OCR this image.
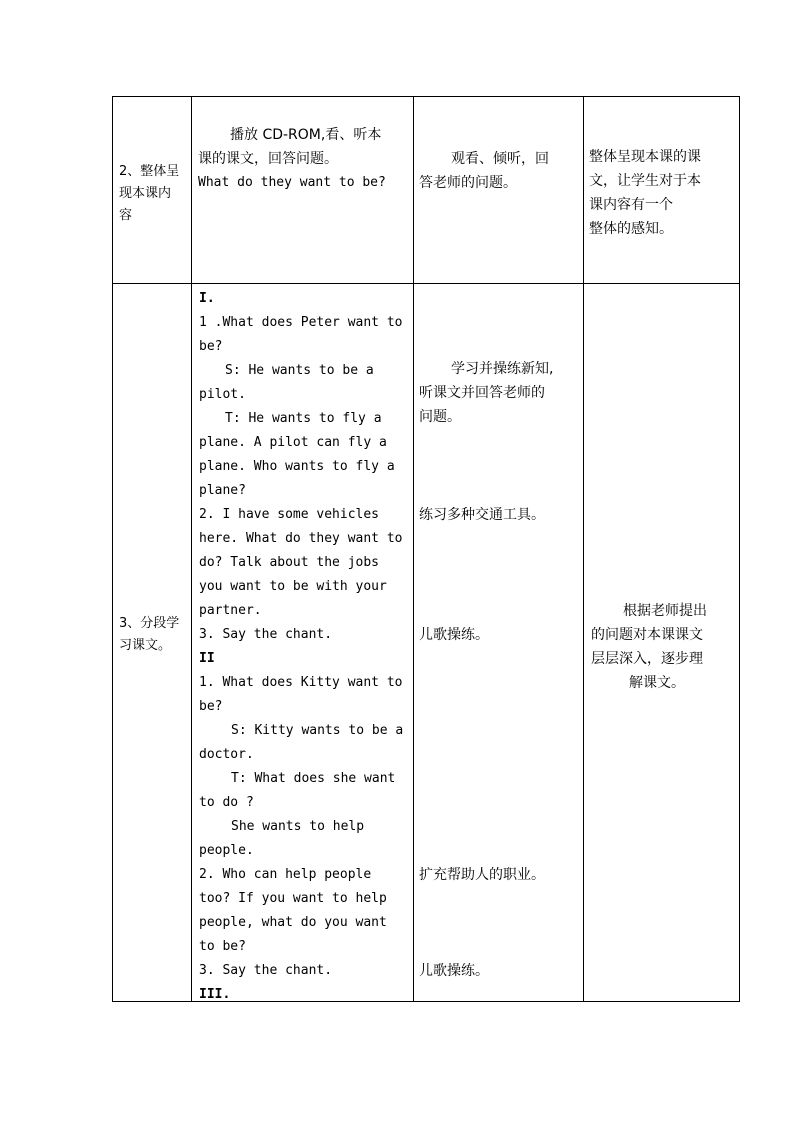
2、整体呈
现本课内
容
播放 CD-ROM,看、听本
课的课文，回答问题。
What do they want to be?
观看、倾听，回
答老师的问题。
整体呈现本课的课
文，让学生对于本
课内容有一个
整体的感知。
3、分段学
习课文。
I.
1 .What does Peter want to
be?
S: He wants to be a
pilot.
T: He wants to fly a
plane. A pilot can fly a
plane. Who wants to fly a
plane?
2. I have some vehicles
here. What do they want to
do? Talk about the jobs
you want to be with your
partner.
3. Say the chant.
II
1. What does Kitty want to
be?
S: Kitty wants to be a
doctor.
T: What does she want
to do ?
She wants to help
people.
2. Who can help people
too? If you want to help
people, what do you want
to be?
3. Say the chant.
III.
学习并操练新知,
听课文并回答老师的
问题。
练习多种交通工具。
儿歌操练。
扩充帮助人的职业。
儿歌操练。
根据老师提出
的问题对本课课文
层层深入，逐步理
解课文。
